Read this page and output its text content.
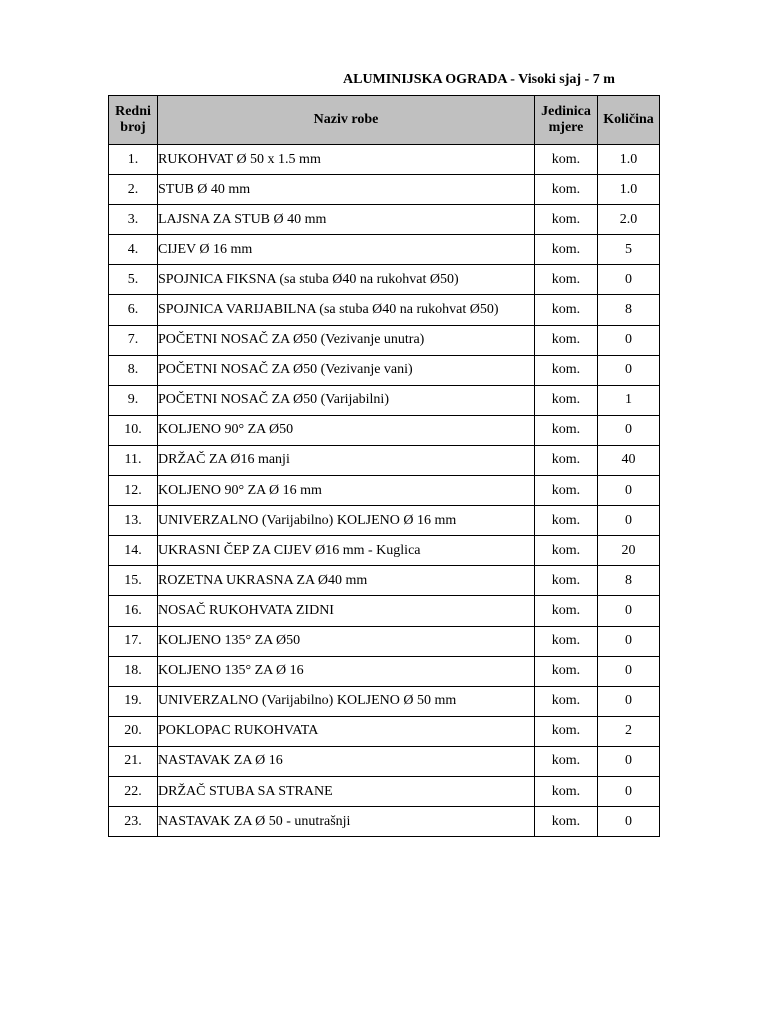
ALUMINIJSKA OGRADA - Visoki sjaj - 7 m
Redni broj	Naziv robe	Jedinica mjere	Količina
1.	RUKOHVAT Ø 50 x 1.5 mm	kom.	1.0
2.	STUB Ø 40 mm	kom.	1.0
3.	LAJSNA ZA STUB Ø 40 mm	kom.	2.0
4.	CIJEV Ø 16 mm	kom.	5
5.	SPOJNICA FIKSNA (sa stuba Ø40 na rukohvat Ø50)	kom.	0
6.	SPOJNICA VARIJABILNA (sa stuba Ø40 na rukohvat Ø50)	kom.	8
7.	POČETNI NOSAČ ZA Ø50 (Vezivanje unutra)	kom.	0
8.	POČETNI NOSAČ ZA Ø50 (Vezivanje vani)	kom.	0
9.	POČETNI NOSAČ ZA Ø50 (Varijabilni)	kom.	1
10.	KOLJENO 90° ZA Ø50	kom.	0
11.	DRŽAČ ZA Ø16 manji	kom.	40
12.	KOLJENO 90° ZA Ø 16 mm	kom.	0
13.	UNIVERZALNO (Varijabilno) KOLJENO Ø 16 mm	kom.	0
14.	UKRASNI ČEP ZA CIJEV Ø16 mm - Kuglica	kom.	20
15.	ROZETNA UKRASNA ZA Ø40 mm	kom.	8
16.	NOSAČ RUKOHVATA ZIDNI	kom.	0
17.	KOLJENO 135° ZA Ø50	kom.	0
18.	KOLJENO 135° ZA Ø 16	kom.	0
19.	UNIVERZALNO (Varijabilno) KOLJENO Ø 50 mm	kom.	0
20.	POKLOPAC RUKOHVATA	kom.	2
21.	NASTAVAK ZA Ø 16	kom.	0
22.	DRŽAČ STUBA SA STRANE	kom.	0
23.	NASTAVAK ZA Ø 50 - unutrašnji	kom.	0
